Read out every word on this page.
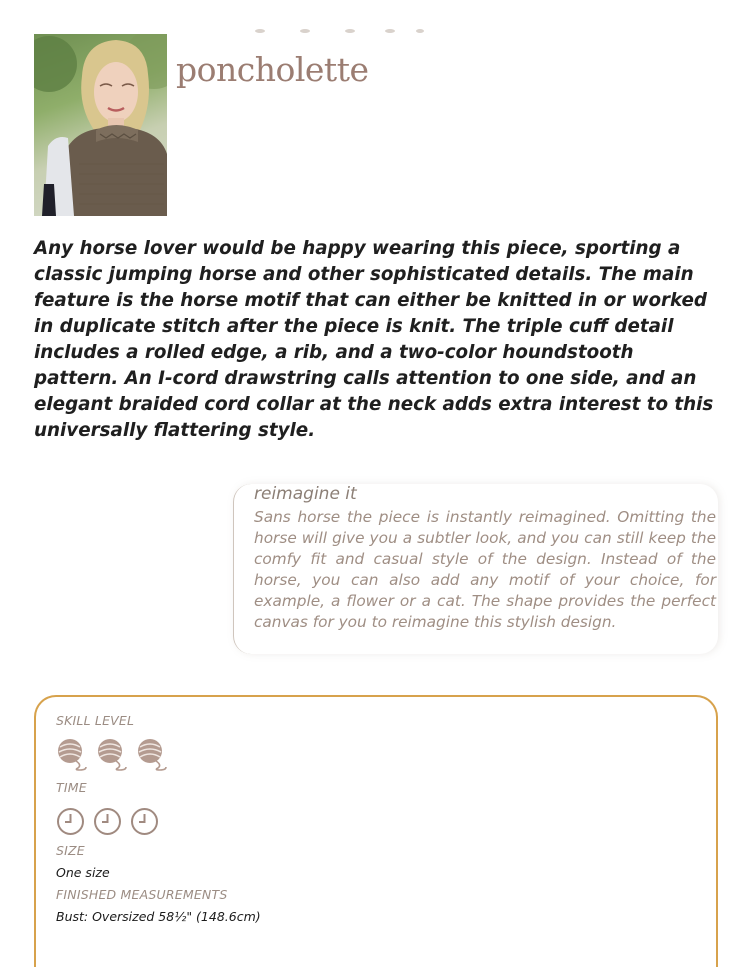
poncholette

Any horse lover would be happy wearing this piece, sporting a classic jumping horse and other sophisticated details. The main feature is the horse motif that can either be knitted in or worked in duplicate stitch after the piece is knit. The triple cuff detail includes a rolled edge, a rib, and a two-color houndstooth pattern. An I-cord drawstring calls attention to one side, and an elegant braided cord collar at the neck adds extra interest to this universally flattering style.

reimagine it

Sans horse the piece is instantly reimagined. Omitting the horse will give you a subtler look, and you can still keep the comfy fit and casual style of the design. Instead of the horse, you can also add any motif of your choice, for example, a flower or a cat. The shape provides the perfect canvas for you to reimagine this stylish design.

SKILL LEVEL

TIME

SIZE

One size

FINISHED MEASUREMENTS

Bust: Oversized 58½" (148.6cm)
